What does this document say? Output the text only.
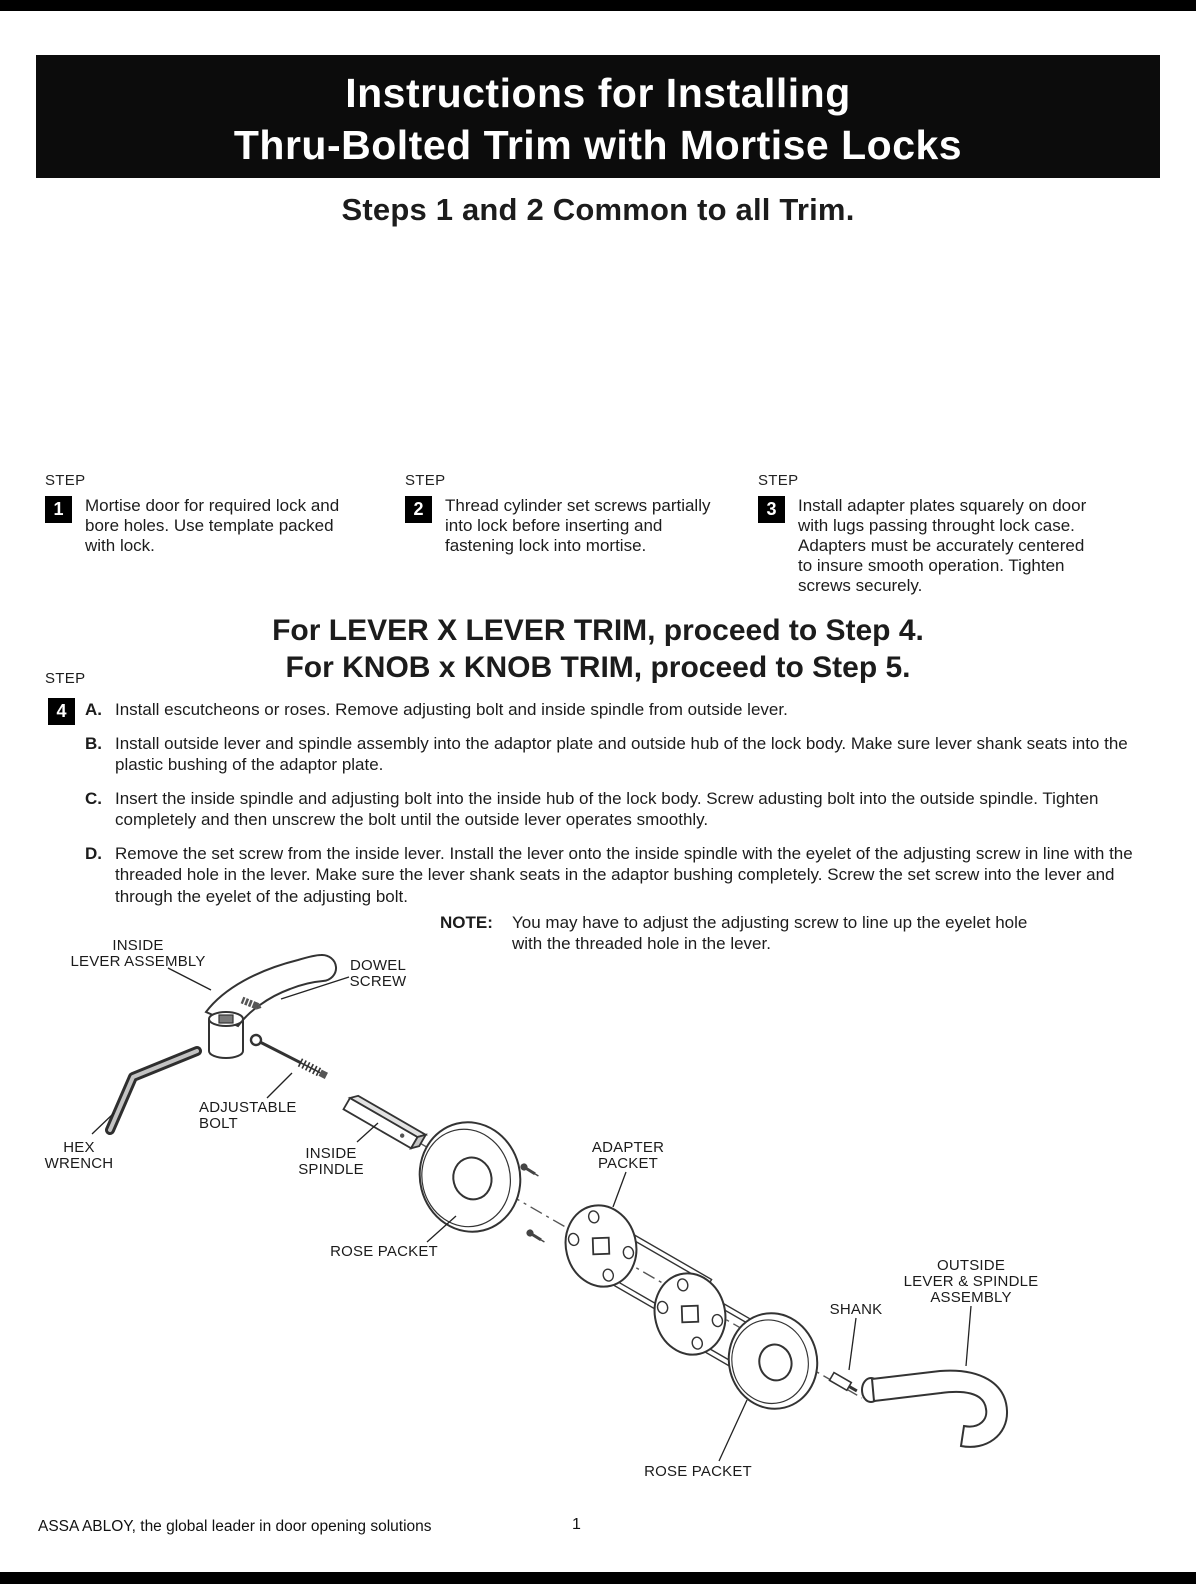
Instructions for Installing
Thru-Bolted Trim with Mortise Locks
Steps 1 and 2 Common to all Trim.
STEP
1	Mortise door for required lock and bore holes. Use template packed with lock.
STEP
2	Thread cylinder set screws partially into lock before inserting and fastening lock into mortise.
STEP
3	Install adapter plates squarely on door with lugs passing throught lock case. Adapters must be accurately centered to insure smooth operation. Tighten screws securely.
For LEVER X LEVER TRIM, proceed to Step 4.
For KNOB x KNOB TRIM, proceed to Step 5.
STEP
4	A. Install escutcheons or roses. Remove adjusting bolt and inside spindle from outside lever.
B. Install outside lever and spindle assembly into the adaptor plate and outside hub of the lock body. Make sure lever shank seats into the plastic bushing of the adaptor plate.
C. Insert the inside spindle and adjusting bolt into the inside hub of the lock body. Screw adusting bolt into the outside spindle. Tighten completely and then unscrew the bolt until the outside lever operates smoothly.
D. Remove the set screw from the inside lever. Install the lever onto the inside spindle with the eyelet of the adjusting screw in line with the threaded hole in the lever. Make sure the lever shank seats in the adaptor bushing completely. Screw the set screw into the lever and through the eyelet of the adjusting bolt.
NOTE:	You may have to adjust the adjusting screw to line up the eyelet hole with the threaded hole in the lever.
INSIDE
LEVER ASSEMBLY	DOWEL
SCREW
ADJUSTABLE
BOLT
HEX
WRENCH
INSIDE
SPINDLE
ROSE PACKET
ADAPTER
PACKET
SHANK
OUTSIDE
LEVER & SPINDLE
ASSEMBLY
ROSE PACKET
ASSA ABLOY, the global leader in door opening solutions	1
